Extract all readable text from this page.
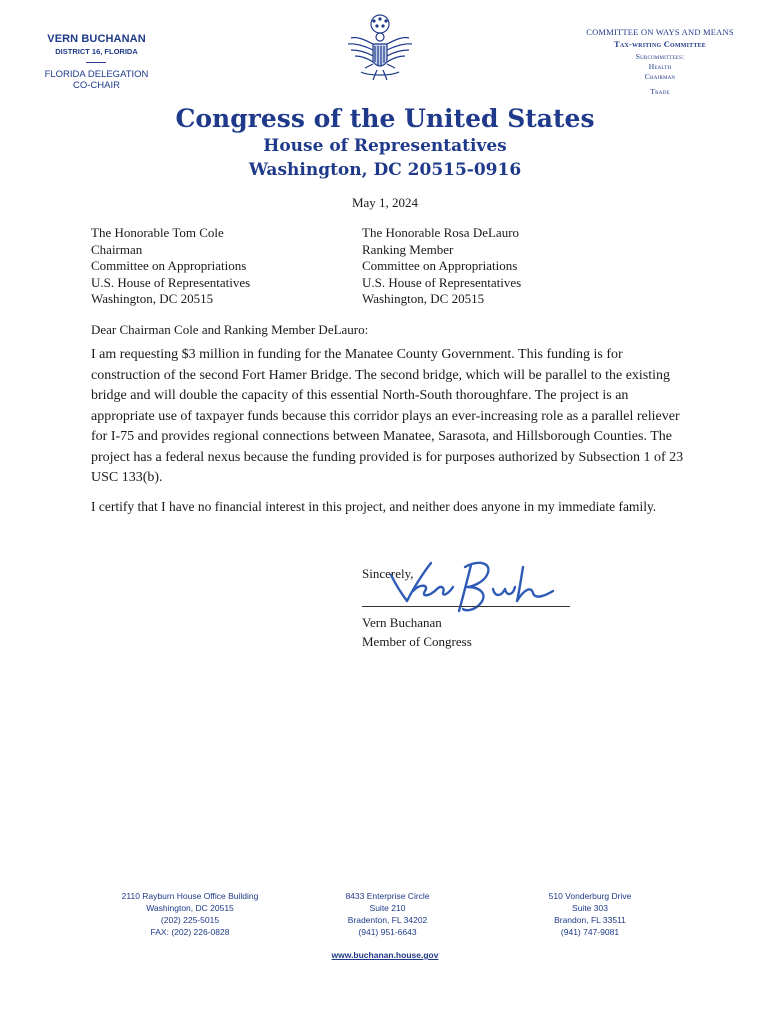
VERN BUCHANAN
DISTRICT 16, FLORIDA
FLORIDA DELEGATION
CO-CHAIR
COMMITTEE ON WAYS AND MEANS
Tax-writing Committee
Subcommittees:
Health
Chairman
Trade
Congress of the United States
House of Representatives
Washington, DC 20515-0916
May 1, 2024
The Honorable Tom Cole
Chairman
Committee on Appropriations
U.S. House of Representatives
Washington, DC 20515
The Honorable Rosa DeLauro
Ranking Member
Committee on Appropriations
U.S. House of Representatives
Washington, DC 20515
Dear Chairman Cole and Ranking Member DeLauro:
I am requesting $3 million in funding for the Manatee County Government. This funding is for construction of the second Fort Hamer Bridge. The second bridge, which will be parallel to the existing bridge and will double the capacity of this essential North-South thoroughfare. The project is an appropriate use of taxpayer funds because this corridor plays an ever-increasing role as a parallel reliever for I-75 and provides regional connections between Manatee, Sarasota, and Hillsborough Counties. The project has a federal nexus because the funding provided is for purposes authorized by Subsection 1 of 23 USC 133(b).
I certify that I have no financial interest in this project, and neither does anyone in my immediate family.
Sincerely,
Vern Buchanan
Member of Congress
2110 Rayburn House Office Building
Washington, DC 20515
(202) 225-5015
FAX: (202) 226-0828
8433 Enterprise Circle
Suite 210
Bradenton, FL 34202
(941) 951-6643
510 Vonderburg Drive
Suite 303
Brandon, FL 33511
(941) 747-9081
www.buchanan.house.gov
